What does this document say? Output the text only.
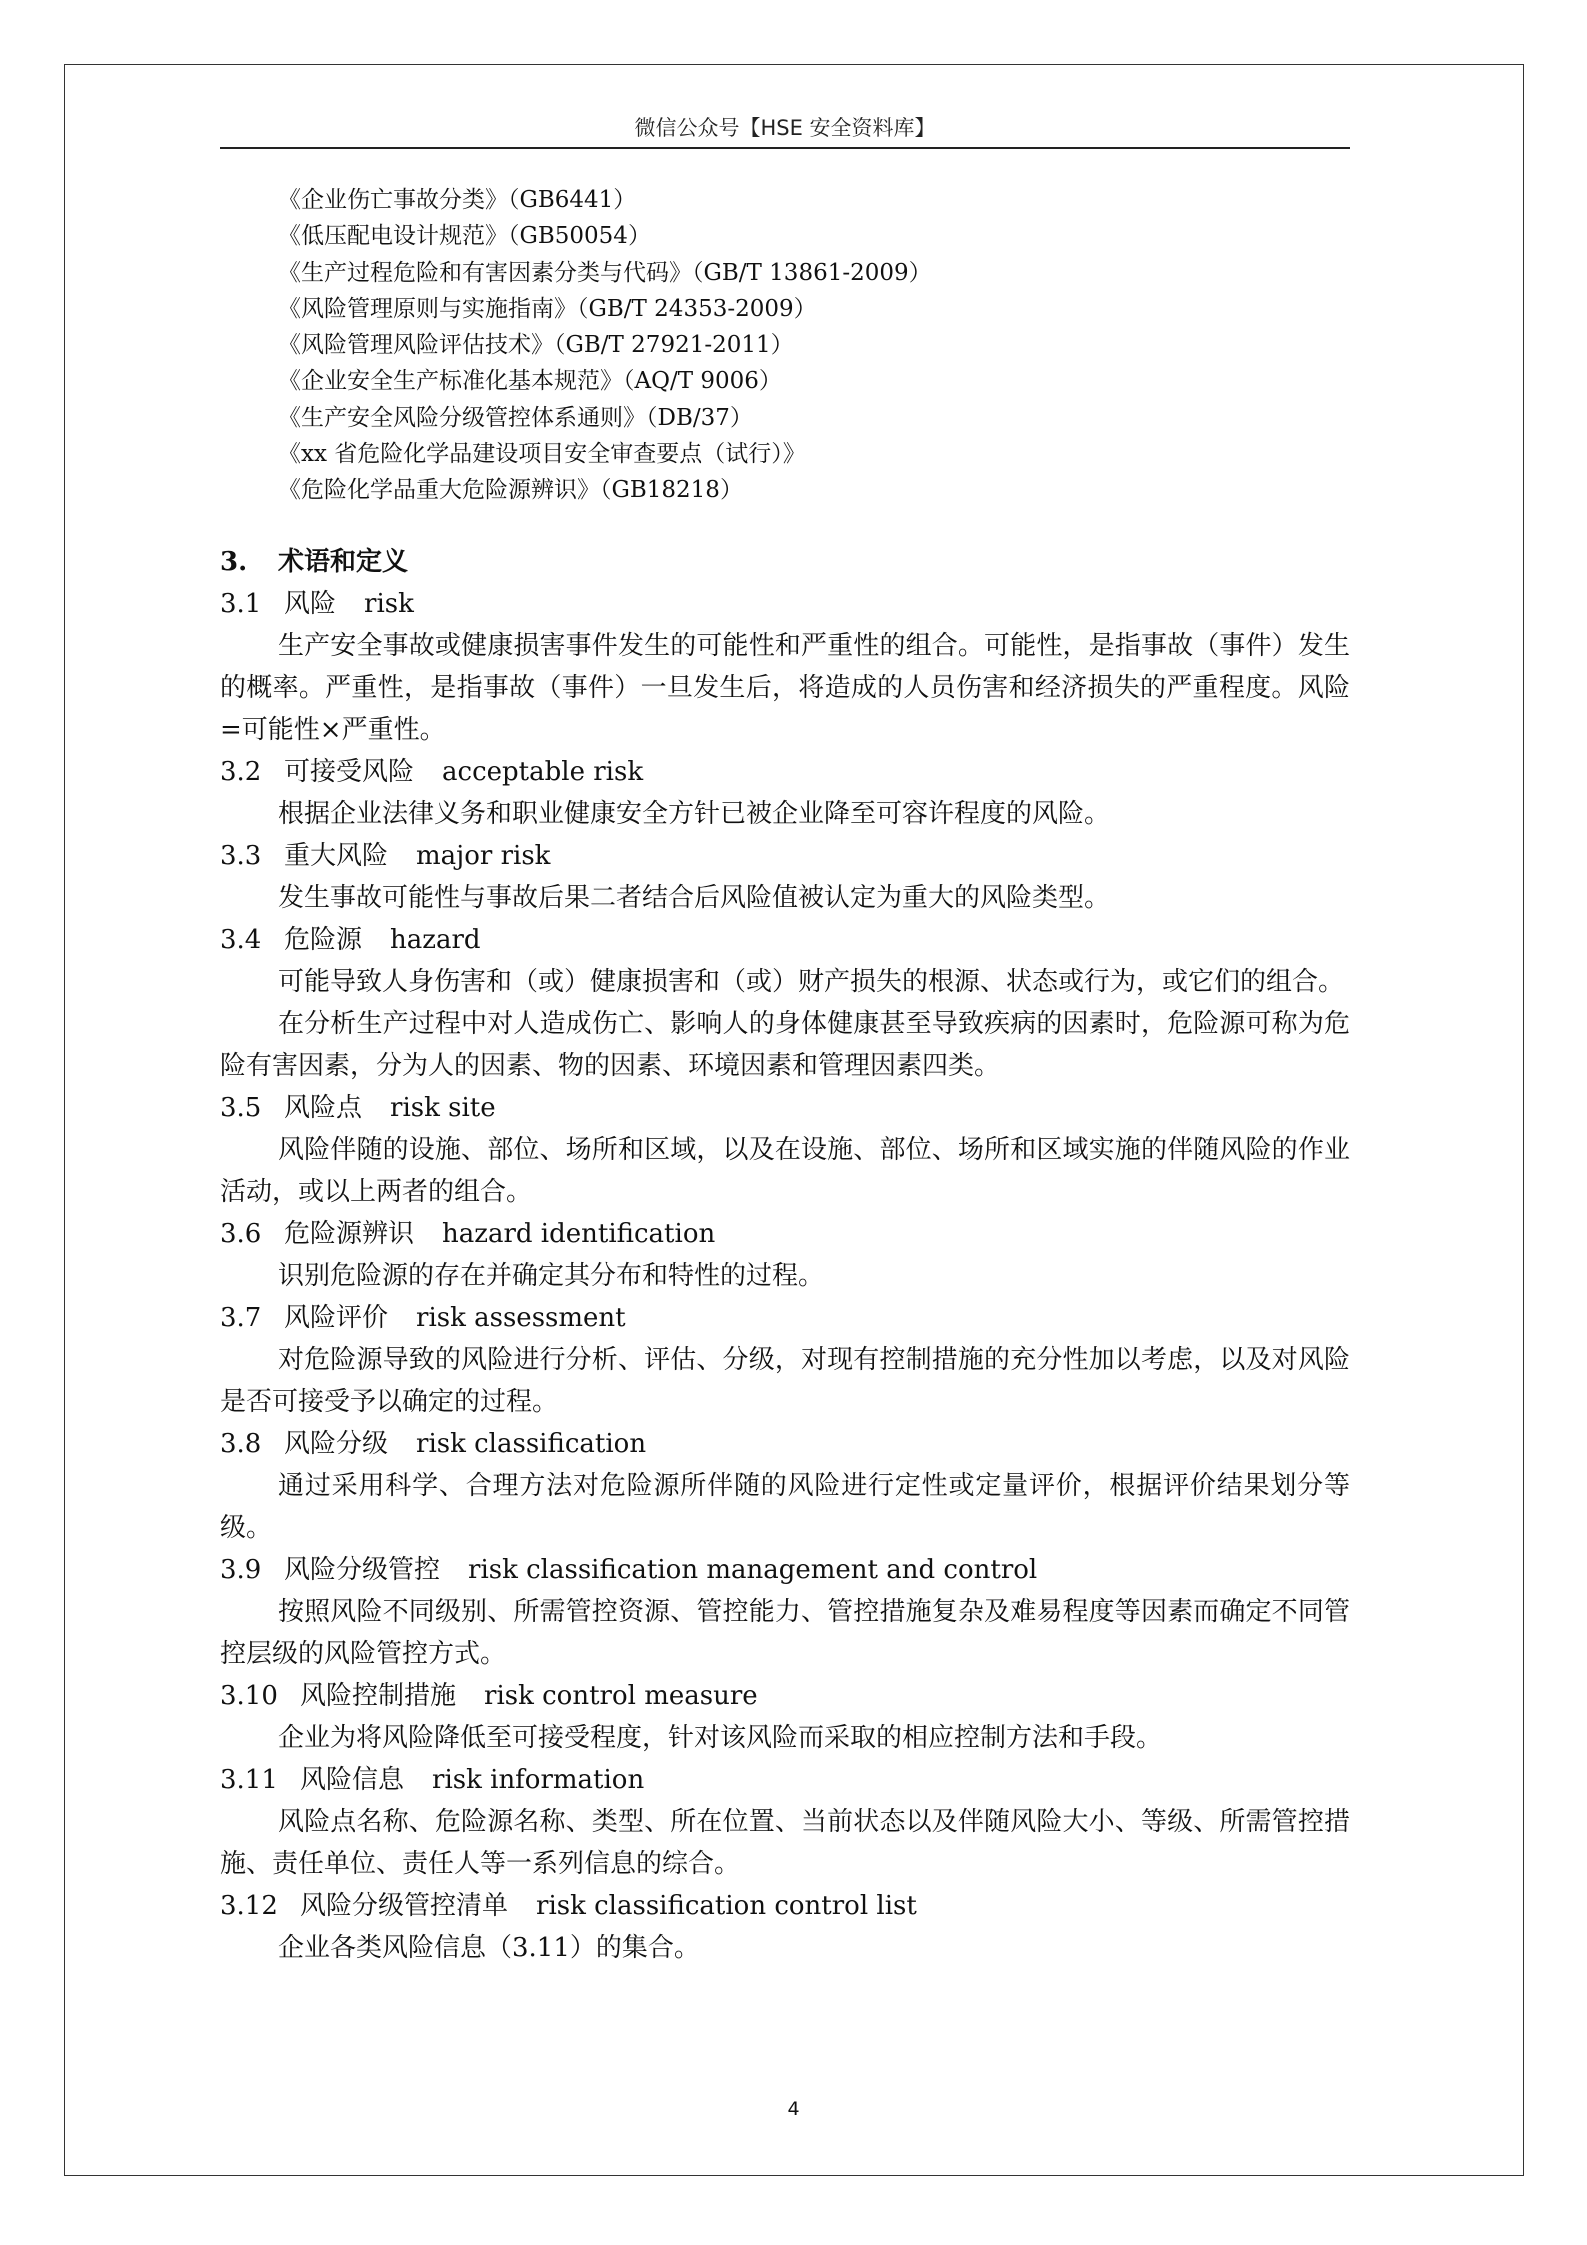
微信公众号【HSE 安全资料库】
《企业伤亡事故分类》（GB6441）
《低压配电设计规范》（GB50054）
《生产过程危险和有害因素分类与代码》（GB/T 13861-2009）
《风险管理原则与实施指南》（GB/T 24353-2009）
《风险管理风险评估技术》（GB/T 27921-2011）
《企业安全生产标准化基本规范》（AQ/T 9006）
《生产安全风险分级管控体系通则》（DB/37）
《xx 省危险化学品建设项目安全审查要点（试行）》
《危险化学品重大危险源辨识》（GB18218）
3. 术语和定义
3.1 风险 risk

生产安全事故或健康损害事件发生的可能性和严重性的组合。可能性，是指事故（事件）发生的概率。严重性，是指事故（事件）一旦发生后，将造成的人员伤害和经济损失的严重程度。风险=可能性×严重性。

3.2 可接受风险 acceptable risk

根据企业法律义务和职业健康安全方针已被企业降至可容许程度的风险。

3.3 重大风险 major risk

发生事故可能性与事故后果二者结合后风险值被认定为重大的风险类型。

3.4 危险源 hazard

可能导致人身伤害和（或）健康损害和（或）财产损失的根源、状态或行为，或它们的组合。

在分析生产过程中对人造成伤亡、影响人的身体健康甚至导致疾病的因素时，危险源可称为危险有害因素，分为人的因素、物的因素、环境因素和管理因素四类。

3.5 风险点 risk site

风险伴随的设施、部位、场所和区域，以及在设施、部位、场所和区域实施的伴随风险的作业活动，或以上两者的组合。

3.6 危险源辨识 hazard identification

识别危险源的存在并确定其分布和特性的过程。

3.7 风险评价 risk assessment

对危险源导致的风险进行分析、评估、分级，对现有控制措施的充分性加以考虑，以及对风险是否可接受予以确定的过程。

3.8 风险分级 risk classification

通过采用科学、合理方法对危险源所伴随的风险进行定性或定量评价，根据评价结果划分等级。

3.9 风险分级管控 risk classification management and control

按照风险不同级别、所需管控资源、管控能力、管控措施复杂及难易程度等因素而确定不同管控层级的风险管控方式。

3.10 风险控制措施 risk control measure

企业为将风险降低至可接受程度，针对该风险而采取的相应控制方法和手段。

3.11 风险信息 risk information

风险点名称、危险源名称、类型、所在位置、当前状态以及伴随风险大小、等级、所需管控措施、责任单位、责任人等一系列信息的综合。

3.12 风险分级管控清单 risk classification control list

企业各类风险信息（3.11）的集合。

4
